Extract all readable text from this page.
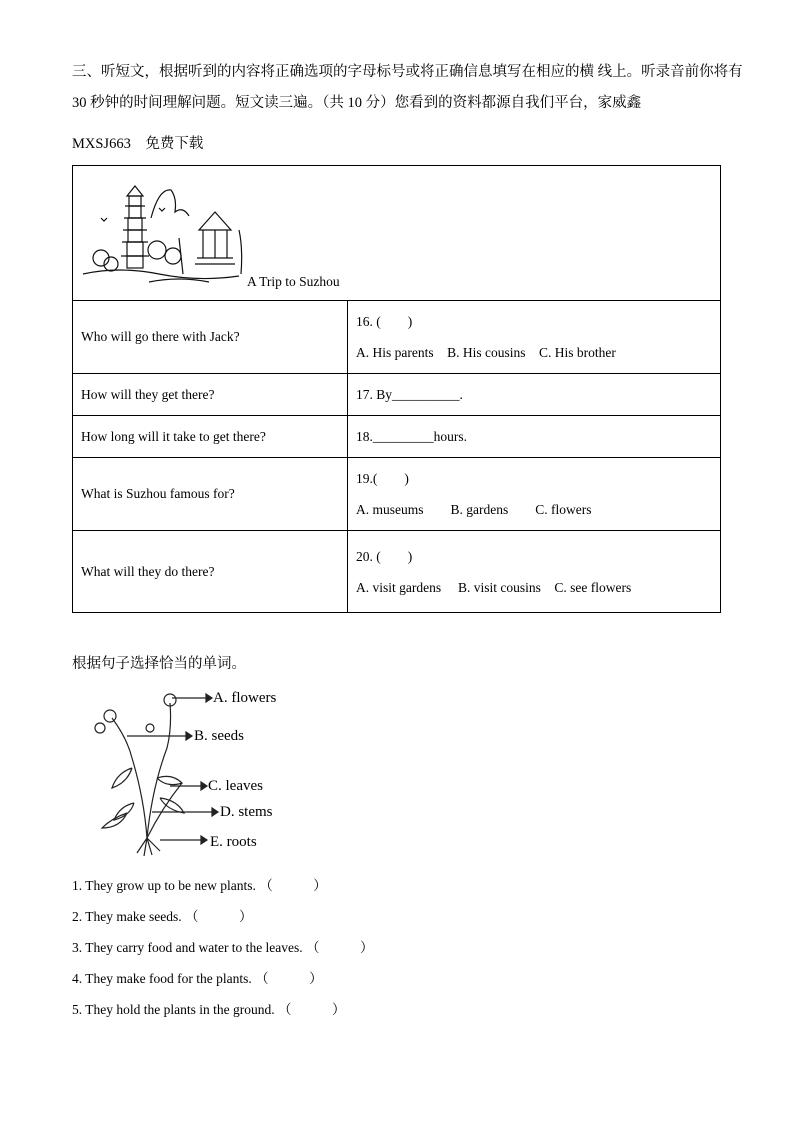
三、听短文，根据听到的内容将正确选项的字母标号或将正确信息填写在相应的横 线上。听录音前你将有
30 秒钟的时间理解问题。短文读三遍。（共 10 分）您看到的资料都源自我们平台，家威鑫
MXSJ663　免费下载
A Trip to Suzhou	

Who will go there with Jack?	16. (　　)
A. His parents　B. His cousins　C. His brother

How will they get there?	17. By__________.
How long will it take to get there?	18._________hours.
What is Suzhou famous for?	19.(　　)
A. museums　　B. gardens　　C. flowers

What will they do there?	20. (　　)
A. visit gardens　 B. visit cousins　C. see flowers
根据句子选择恰当的单词。
A. flowers
B. seeds
C. leaves
D. stems
E. roots
1. They grow up to be new plants. （　　　）
2. They make seeds. （　　　）
3. They carry food and water to the leaves. （　　　）
4. They make food for the plants. （　　　）
5. They hold the plants in the ground. （　　　）
